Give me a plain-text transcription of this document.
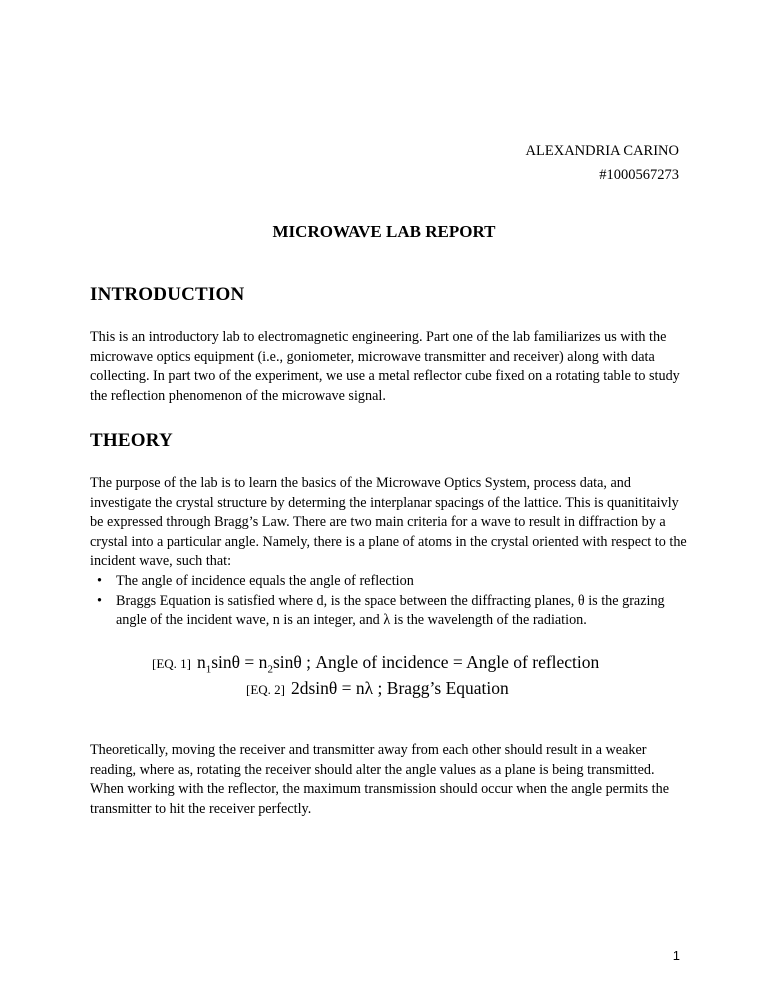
ALEXANDRIA CARINO
#1000567273
MICROWAVE LAB REPORT
INTRODUCTION

This is an introductory lab to electromagnetic engineering. Part one of the lab familiarizes us with the microwave optics equipment (i.e., goniometer, microwave transmitter and receiver) along with data collecting. In part two of the experiment, we use a metal reflector cube fixed on a rotating table to study the reflection phenomenon of the microwave signal.

THEORY

The purpose of the lab is to learn the basics of the Microwave Optics System, process data, and investigate the crystal structure by determing the interplanar spacings of the lattice. This is quanititaivly be expressed through Bragg’s Law. There are two main criteria for a wave to result in diffraction by a crystal into a particular angle. Namely, there is a plane of atoms in the crystal oriented with respect to the incident wave, such that:

• The angle of incidence equals the angle of reflection
• Braggs Equation is satisfied where d, is the space between the diffracting planes, θ is the grazing angle of the incident wave, n is an integer, and λ is the wavelength of the radiation.
[EQ. 1] $n_1\sin\theta = n_2\sin\theta$ ; Angle of incidence = Angle of reflection
[EQ. 2] 2dsinθ = nλ ; Bragg’s Equation

Theoretically, moving the receiver and transmitter away from each other should result in a weaker reading, where as, rotating the receiver should alter the angle values as a plane is being transmitted. When working with the reflector, the maximum transmission should occur when the angle permits the transmitter to hit the receiver perfectly.

1
